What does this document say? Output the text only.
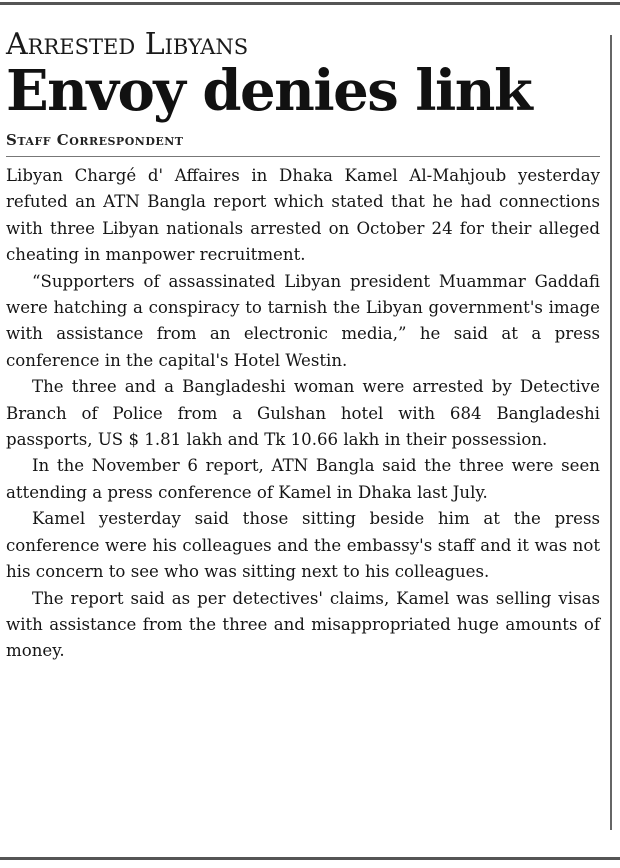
Arrested Libyans
Envoy denies link
Staff Correspondent

Libyan Chargé d' Affaires in Dhaka Kamel Al-Mahjoub yesterday refuted an ATN Bangla report which stated that he had connections with three Libyan nationals arrested on October 24 for their alleged cheating in manpower recruitment.

“Supporters of assassinated Libyan president Muammar Gaddafi were hatching a conspiracy to tarnish the Libyan government's image with assistance from an electronic media,” he said at a press conference in the capital's Hotel Westin.

The three and a Bangladeshi woman were arrested by Detective Branch of Police from a Gulshan hotel with 684 Bangladeshi passports, US $ 1.81 lakh and Tk 10.66 lakh in their possession.

In the November 6 report, ATN Bangla said the three were seen attending a press conference of Kamel in Dhaka last July.

Kamel yesterday said those sitting beside him at the press conference were his colleagues and the embassy's staff and it was not his concern to see who was sitting next to his colleagues.

The report said as per detectives' claims, Kamel was selling visas with assistance from the three and misappropriated huge amounts of money.
